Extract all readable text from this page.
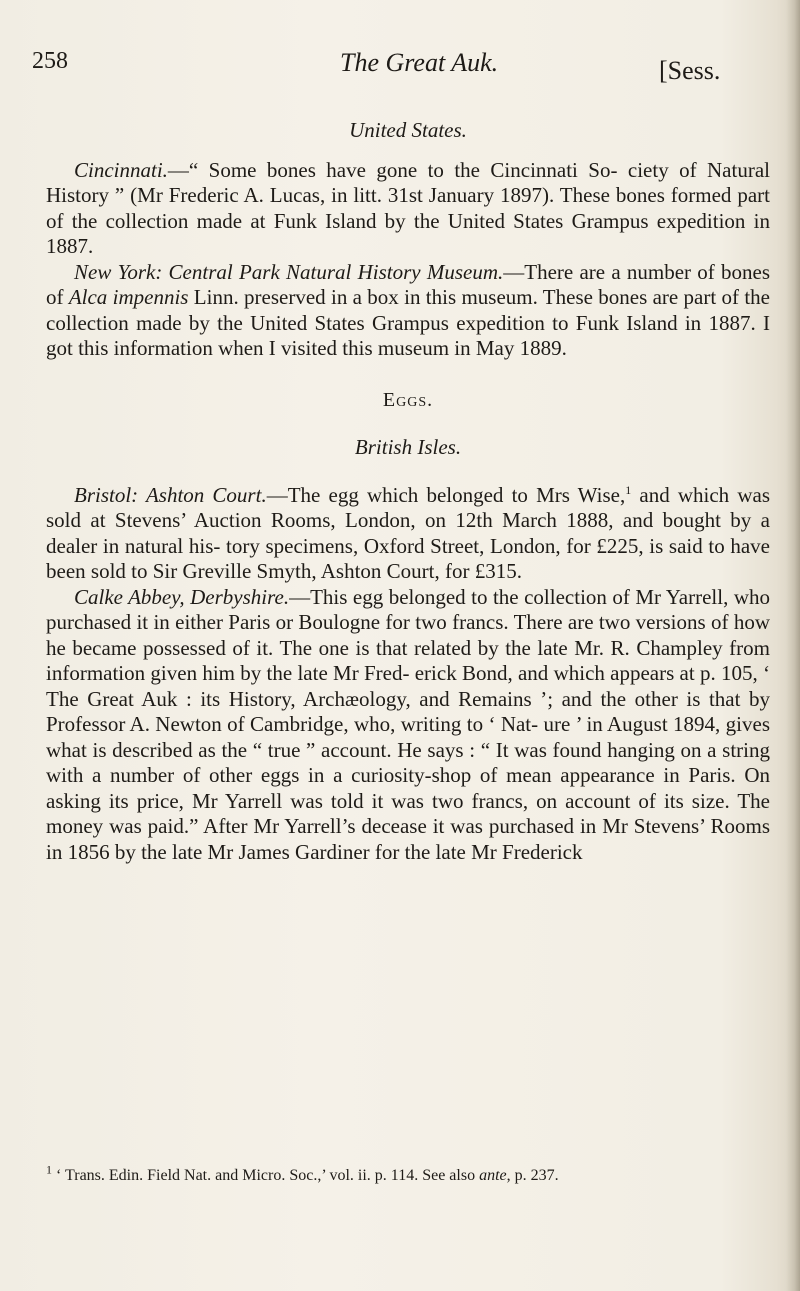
258	The Great Auk.	[Sess.
United States.

Cincinnati.—“ Some bones have gone to the Cincinnati So- ciety of Natural History ” (Mr Frederic A. Lucas, in litt. 31st January 1897). These bones formed part of the collection made at Funk Island by the United States Grampus expedition in 1887.

New York: Central Park Natural History Museum.—There are a number of bones of Alca impennis Linn. preserved in a box in this museum. These bones are part of the collection made by the United States Grampus expedition to Funk Island in 1887. I got this information when I visited this museum in May 1889.

Eggs.
British Isles.

Bristol: Ashton Court.—The egg which belonged to Mrs Wise,$^1$ and which was sold at Stevens’ Auction Rooms, London, on 12th March 1888, and bought by a dealer in natural his- tory specimens, Oxford Street, London, for £225, is said to have been sold to Sir Greville Smyth, Ashton Court, for £315.

Calke Abbey, Derbyshire.—This egg belonged to the collection of Mr Yarrell, who purchased it in either Paris or Boulogne for two francs. There are two versions of how he became possessed of it. The one is that related by the late Mr. R. Champley from information given him by the late Mr Fred- erick Bond, and which appears at p. 105, ‘ The Great Auk : its History, Archæology, and Remains ’; and the other is that by Professor A. Newton of Cambridge, who, writing to ‘ Nat- ure ’ in August 1894, gives what is described as the “ true ” account. He says : “ It was found hanging on a string with a number of other eggs in a curiosity-shop of mean appearance in Paris. On asking its price, Mr Yarrell was told it was two francs, on account of its size. The money was paid.” After Mr Yarrell’s decease it was purchased in Mr Stevens’ Rooms in 1856 by the late Mr James Gardiner for the late Mr Frederick

$^1$ ‘ Trans. Edin. Field Nat. and Micro. Soc.,’ vol. ii. p. 114. See also ante, p. 237.
